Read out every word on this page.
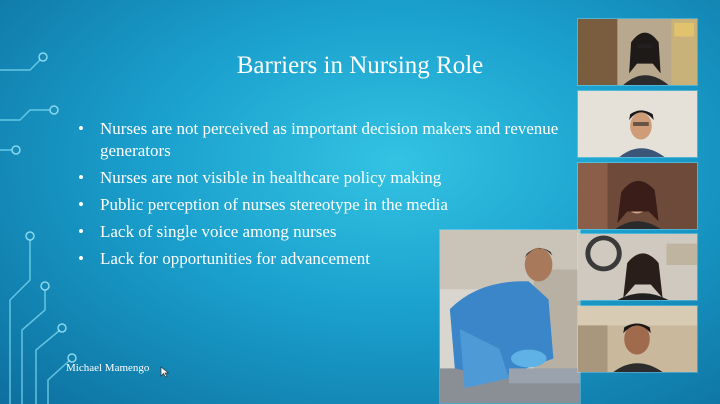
Barriers in Nursing Role
• Nurses are not perceived as important decision makers and revenue generators
• Nurses are not visible in healthcare policy making
• Public perception of nurses stereotype in the media
• Lack of single voice among nurses
• Lack for opportunities for advancement
Michael Mamengo
